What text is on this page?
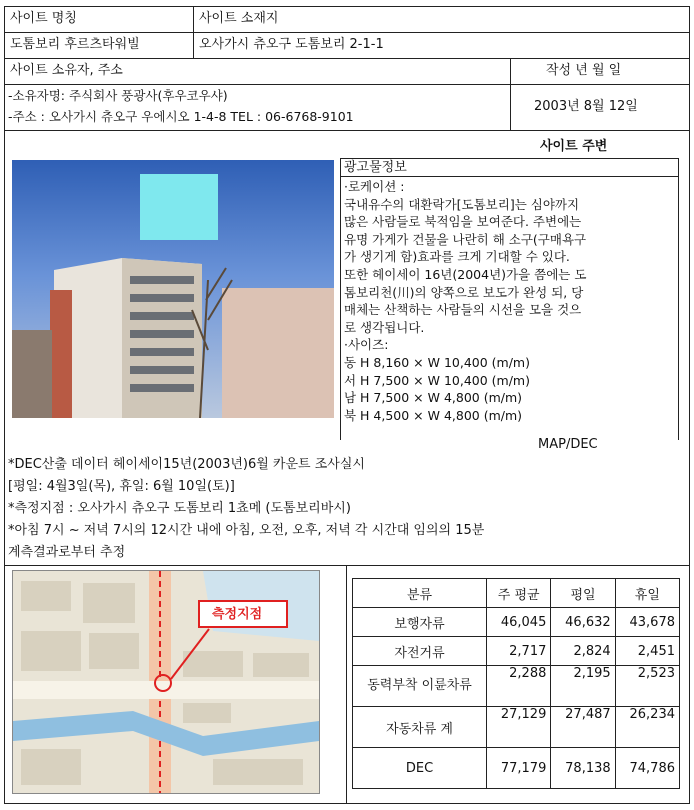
사이트 명칭	사이트 소재지
도톰보리 후르츠타워빌	오사가시 츄오구 도톰보리 2-1-1
사이트 소유자, 주소	작성 년 월 일
-소유자명: 주식회사 풍광사(후우코우샤)
-주소 : 오사가시 츄오구 우에시오 1-4-8 TEL : 06-6768-9101
2003년 8월 12일
사이트 주변
광고물정보
·로케이션 :
국내유수의 대환락가[도톰보리]는 심야까지
많은 사람들로 북적임을 보여준다. 주변에는
유명 가게가 건물을 나란히 해 소구(구매욕구
가 생기게 함)효과를 크게 기대할 수 있다.
또한 헤이세이 16년(2004년)가을 쯤에는 도
톰보리천(川)의 양쪽으로 보도가 완성 되, 당
매체는 산책하는 사람들의 시선을 모을 것으
로 생각됩니다.
·사이즈:
동 H 8,160 × W 10,400 (m/m)
서 H 7,500 × W 10,400 (m/m)
남 H 7,500 × W 4,800 (m/m)
북 H 4,500 × W 4,800 (m/m)
MAP/DEC
*DEC산출 데이터 헤이세이15년(2003년)6월 카운트 조사실시
[평일: 4월3일(목), 휴일: 6월 10일(토)]
*측정지점 : 오사가시 츄오구 도톰보리 1쵸메 (도톰보리바시)
*아침 7시 ~ 저녁 7시의 12시간 내에 아침, 오전, 오후, 저녁 각 시간대 임의의 15분
계측결과로부터 추정
측정지점
분류	주 평균	평일	휴일
보행자류	46,045	46,632	43,678
자전거류	2,717	2,824	2,451
동력부착 이륜차류	2,288	2,195	2,523
자동차류 계	27,129	27,487	26,234
DEC	77,179	78,138	74,786
